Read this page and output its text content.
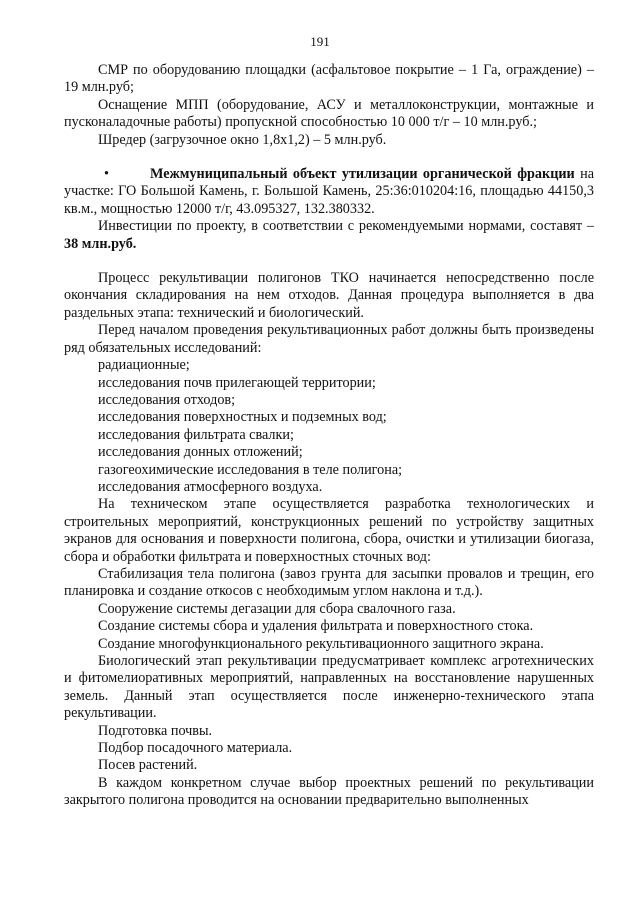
191

СМР по оборудованию площадки (асфальтовое покрытие – 1 Га, ограждение) – 19 млн.руб;

Оснащение МПП (оборудование, АСУ и металлоконструкции, монтажные и пусконаладочные работы) пропускной способностью 10 000 т/г – 10 млн.руб.;

Шредер (загрузочное окно 1,8х1,2) – 5 млн.руб.

•	Межмуниципальный объект утилизации органической фракции на участке: ГО Большой Камень, г. Большой Камень, 25:36:010204:16, площадью 44150,3 кв.м., мощностью 12000 т/г, 43.095327, 132.380332.

Инвестиции по проекту, в соответствии с рекомендуемыми нормами, составят – 38 млн.руб.

Процесс рекультивации полигонов ТКО начинается непосредственно после окончания складирования на нем отходов. Данная процедура выполняется в два раздельных этапа: технический и биологический.

Перед началом проведения рекультивационных работ должны быть произведены ряд обязательных исследований:

радиационные;

исследования почв прилегающей территории;

исследования отходов;

исследования поверхностных и подземных вод;

исследования фильтрата свалки;

исследования донных отложений;

газогеохимические исследования в теле полигона;

исследования атмосферного воздуха.

На техническом этапе осуществляется разработка технологических и строительных мероприятий, конструкционных решений по устройству защитных экранов для основания и поверхности полигона, сбора, очистки и утилизации биогаза, сбора и обработки фильтрата и поверхностных сточных вод:

Стабилизация тела полигона (завоз грунта для засыпки провалов и трещин, его планировка и создание откосов с необходимым углом наклона и т.д.).

Сооружение системы дегазации для сбора свалочного газа.

Создание системы сбора и удаления фильтрата и поверхностного стока.

Создание многофункционального рекультивационного защитного экрана.

Биологический этап рекультивации предусматривает комплекс агротехнических и фитомелиоративных мероприятий, направленных на восстановление нарушенных земель. Данный этап осуществляется после инженерно-технического этапа рекультивации.

Подготовка почвы.

Подбор посадочного материала.

Посев растений.

В каждом конкретном случае выбор проектных решений по рекультивации закрытого полигона проводится на основании предварительно выполненных
